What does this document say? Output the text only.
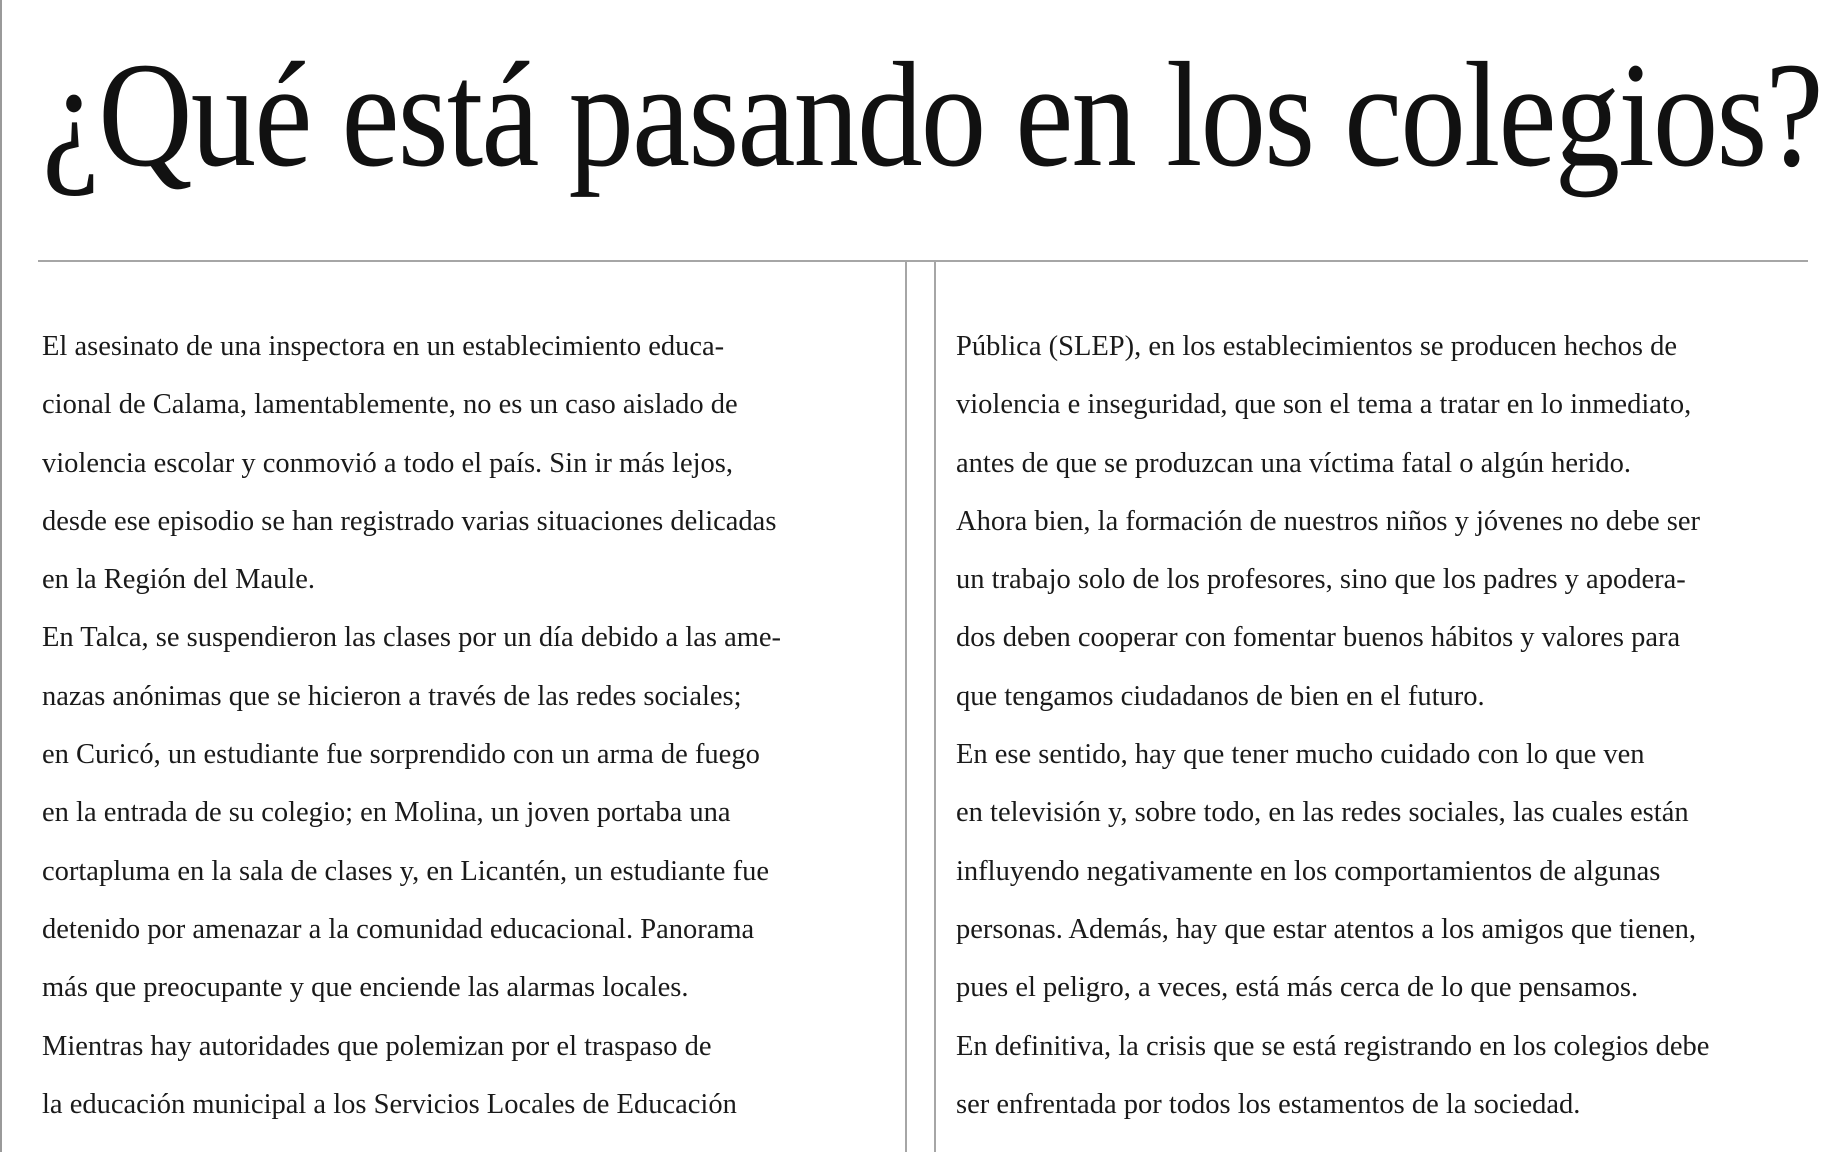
¿Qué está pasando en los colegios?
El asesinato de una inspectora en un establecimiento educa-
cional de Calama, lamentablemente, no es un caso aislado de
violencia escolar y conmovió a todo el país. Sin ir más lejos,
desde ese episodio se han registrado varias situaciones delicadas
en la Región del Maule.
En Talca, se suspendieron las clases por un día debido a las ame-
nazas anónimas que se hicieron a través de las redes sociales;
en Curicó, un estudiante fue sorprendido con un arma de fuego
en la entrada de su colegio; en Molina, un joven portaba una
cortapluma en la sala de clases y, en Licantén, un estudiante fue
detenido por amenazar a la comunidad educacional. Panorama
más que preocupante y que enciende las alarmas locales.
Mientras hay autoridades que polemizan por el traspaso de
la educación municipal a los Servicios Locales de Educación
Pública (SLEP), en los establecimientos se producen hechos de
violencia e inseguridad, que son el tema a tratar en lo inmediato,
antes de que se produzcan una víctima fatal o algún herido.
Ahora bien, la formación de nuestros niños y jóvenes no debe ser
un trabajo solo de los profesores, sino que los padres y apodera-
dos deben cooperar con fomentar buenos hábitos y valores para
que tengamos ciudadanos de bien en el futuro.
En ese sentido, hay que tener mucho cuidado con lo que ven
en televisión y, sobre todo, en las redes sociales, las cuales están
influyendo negativamente en los comportamientos de algunas
personas. Además, hay que estar atentos a los amigos que tienen,
pues el peligro, a veces, está más cerca de lo que pensamos.
En definitiva, la crisis que se está registrando en los colegios debe
ser enfrentada por todos los estamentos de la sociedad.
